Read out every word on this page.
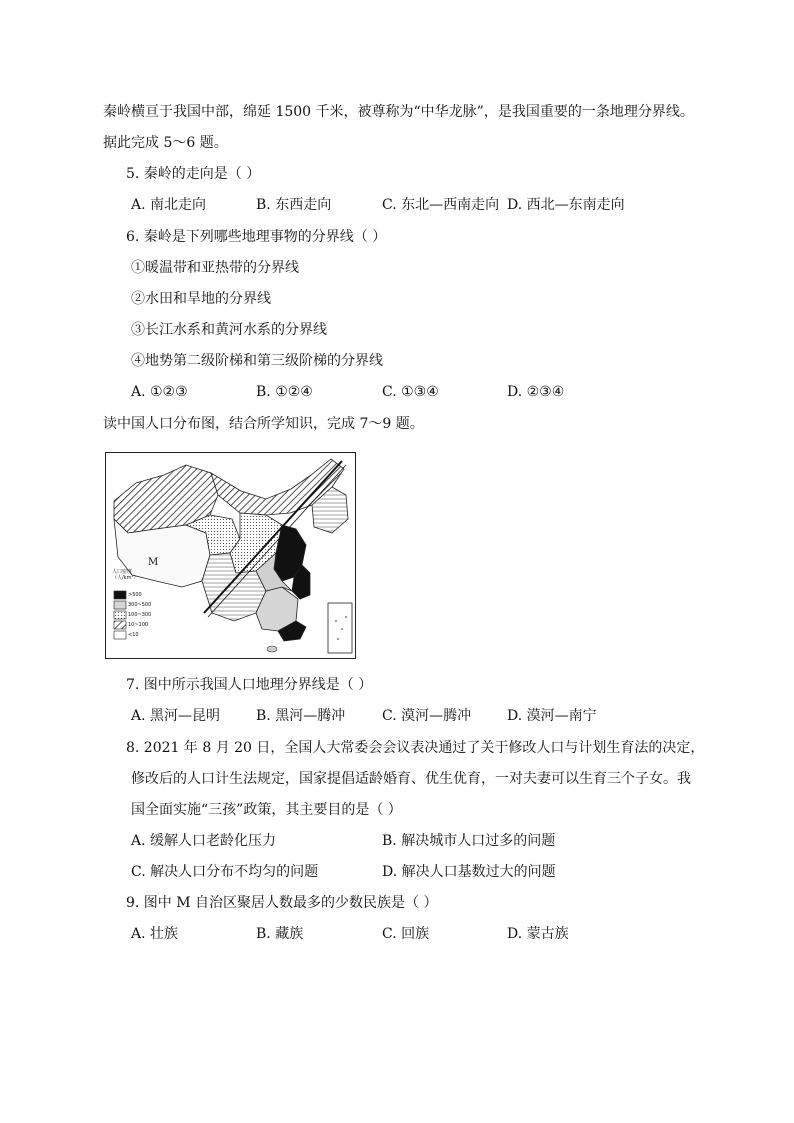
秦岭横亘于我国中部，绵延 1500 千米，被尊称为“中华龙脉”，是我国重要的一条地理分界线。
据此完成 5～6 题。
5. 秦岭的走向是（ ）
A. 南北走向	B. 东西走向	C. 东北—西南走向 D. 西北—东南走向
6. 秦岭是下列哪些地理事物的分界线（ ）
①暖温带和亚热带的分界线
②水田和旱地的分界线
③长江水系和黄河水系的分界线
④地势第二级阶梯和第三级阶梯的分界线
A. ①②③	B. ①②④	C. ①③④	D. ②③④
读中国人口分布图，结合所学知识，完成 7～9 题。
M
人口密度
（人/km²）
>500
300~500
100~300
10~100
<10
7. 图中所示我国人口地理分界线是（ ）
A. 黑河—昆明	B. 黑河—腾冲	C. 漠河—腾冲	D. 漠河—南宁
8. 2021 年 8 月 20 日，全国人大常委会会议表决通过了关于修改人口与计划生育法的决定，
修改后的人口计生法规定，国家提倡适龄婚育、优生优育，一对夫妻可以生育三个子女。我
国全面实施“三孩”政策，其主要目的是（ ）
A. 缓解人口老龄化压力	B. 解决城市人口过多的问题
C. 解决人口分布不均匀的问题	D. 解决人口基数过大的问题
9. 图中 M 自治区聚居人数最多的少数民族是（ ）
A. 壮族	B. 藏族	C. 回族	D. 蒙古族
